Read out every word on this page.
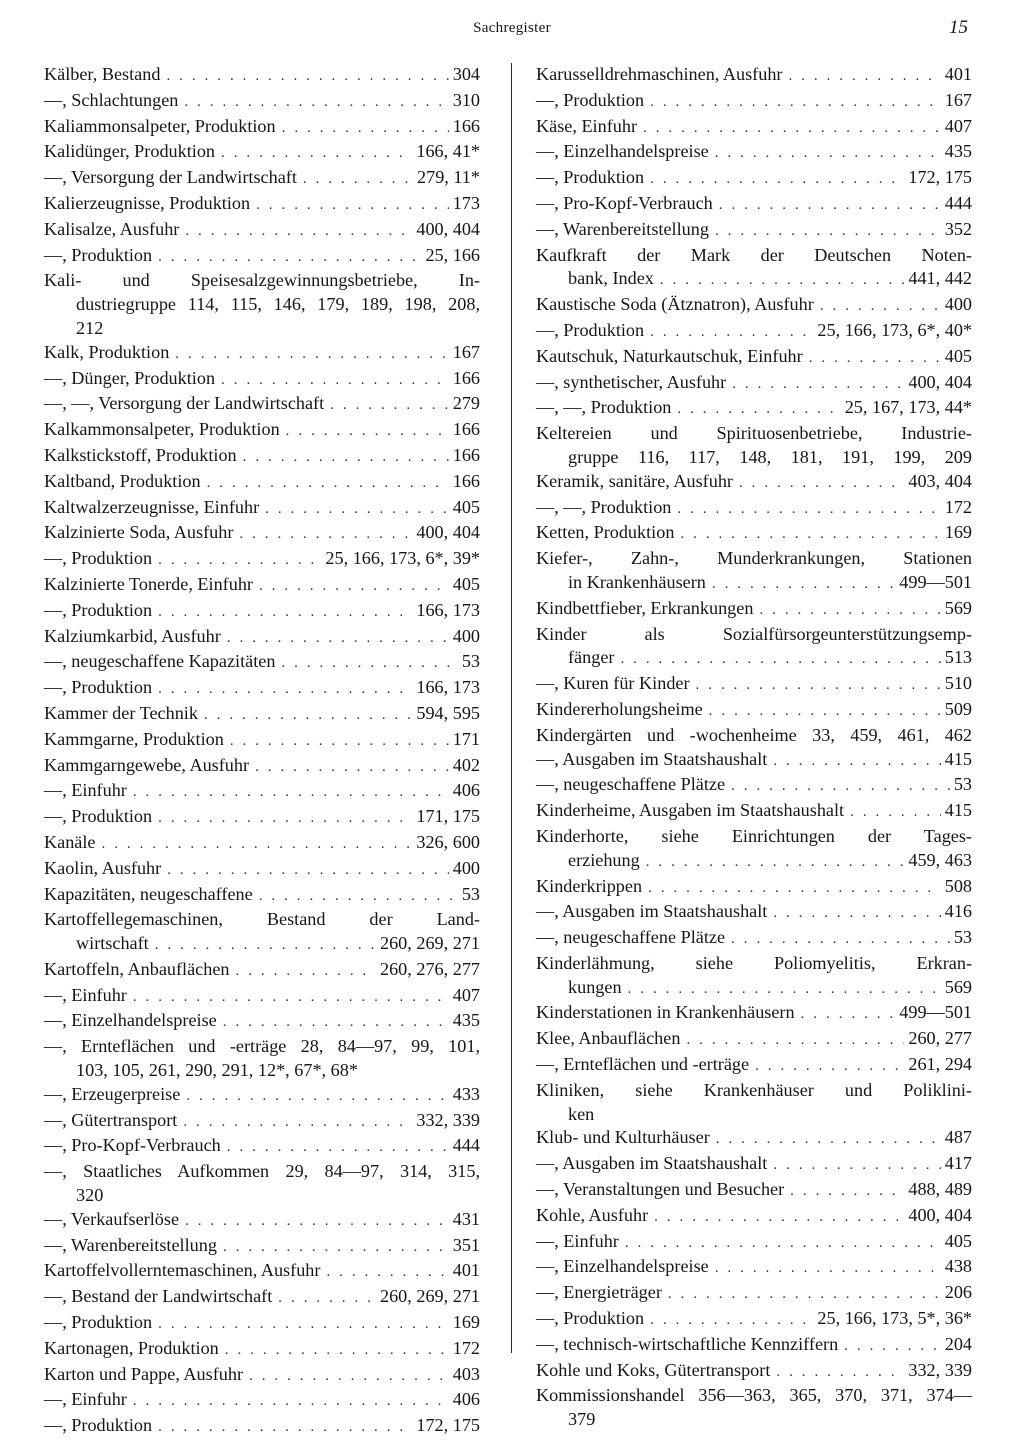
Sachregister	15
Kälber, Bestand . . .	304
—, Schlachtungen . . .	310
Kaliammonsalpeter, Produktion . . .	166
Kalidünger, Produktion . . .	166, 41*
—, Versorgung der Landwirtschaft . . .	279, 11*
Kalierzeugnisse, Produktion . . .	173
Kalisalze, Ausfuhr . . .	400, 404
—, Produktion . . .	25, 166
Kali- und Speisesalzgewinnungsbetriebe, In-
dustriegruppe 114, 115, 146, 179, 189, 198, 208,
212
Kalk, Produktion . . .	167
—, Dünger, Produktion . . .	166
—, —, Versorgung der Landwirtschaft . . .	279
Kalkammonsalpeter, Produktion . . .	166
Kalkstickstoff, Produktion . . .	166
Kaltband, Produktion . . .	166
Kaltwalzerzeugnisse, Einfuhr . . .	405
Kalzinierte Soda, Ausfuhr . . .	400, 404
—, Produktion . . .	25, 166, 173, 6*, 39*
Kalzinierte Tonerde, Einfuhr . . .	405
—, Produktion . . .	166, 173
Kalziumkarbid, Ausfuhr . . .	400
—, neugeschaffene Kapazitäten . . .	53
—, Produktion . . .	166, 173
Kammer der Technik . . .	594, 595
Kammgarne, Produktion . . .	171
Kammgarngewebe, Ausfuhr . . .	402
—, Einfuhr . . .	406
—, Produktion . . .	171, 175
Kanäle . . .	326, 600
Kaolin, Ausfuhr . . .	400
Kapazitäten, neugeschaffene . . .	53
Kartoffellegemaschinen, Bestand der Land-
wirtschaft . . .	260, 269, 271
Kartoffeln, Anbauflächen . . .	260, 276, 277
—, Einfuhr . . .	407
—, Einzelhandelspreise . . .	435
—, Ernteflächen und -erträge 28, 84—97, 99, 101,
103, 105, 261, 290, 291, 12*, 67*, 68*
—, Erzeugerpreise . . .	433
—, Gütertransport . . .	332, 339
—, Pro-Kopf-Verbrauch . . .	444
—, Staatliches Aufkommen 29, 84—97, 314, 315,
320
—, Verkaufserlöse . . .	431
—, Warenbereitstellung . . .	351
Kartoffelvollerntemaschinen, Ausfuhr . . .	401
—, Bestand der Landwirtschaft . . .	260, 269, 271
—, Produktion . . .	169
Kartonagen, Produktion . . .	172
Karton und Pappe, Ausfuhr . . .	403
—, Einfuhr . . .	406
—, Produktion . . .	172, 175
Karusselldrehmaschinen, Ausfuhr . . .	401
—, Produktion . . .	167
Käse, Einfuhr . . .	407
—, Einzelhandelspreise . . .	435
—, Produktion . . .	172, 175
—, Pro-Kopf-Verbrauch . . .	444
—, Warenbereitstellung . . .	352
Kaufkraft der Mark der Deutschen Noten-
bank, Index . . .	441, 442
Kaustische Soda (Ätznatron), Ausfuhr . . .	400
—, Produktion . . .	25, 166, 173, 6*, 40*
Kautschuk, Naturkautschuk, Einfuhr . . .	405
—, synthetischer, Ausfuhr . . .	400, 404
—, —, Produktion . . .	25, 167, 173, 44*
Keltereien und Spirituosenbetriebe, Industrie-
gruppe 116, 117, 148, 181, 191, 199, 209
Keramik, sanitäre, Ausfuhr . . .	403, 404
—, —, Produktion . . .	172
Ketten, Produktion . . .	169
Kiefer-, Zahn-, Munderkrankungen, Stationen
in Krankenhäusern . . .	499—501
Kindbettfieber, Erkrankungen . . .	569
Kinder als Sozialfürsorgeunterstützungsemp-
fänger . . .	513
—, Kuren für Kinder . . .	510
Kindererholungsheime . . .	509
Kindergärten und -wochenheime 33, 459, 461, 462
—, Ausgaben im Staatshaushalt . . .	415
—, neugeschaffene Plätze . . .	53
Kinderheime, Ausgaben im Staatshaushalt . . .	415
Kinderhorte, siehe Einrichtungen der Tages-
erziehung . . .	459, 463
Kinderkrippen . . .	508
—, Ausgaben im Staatshaushalt . . .	416
—, neugeschaffene Plätze . . .	53
Kinderlähmung, siehe Poliomyelitis, Erkran-
kungen . . .	569
Kinderstationen in Krankenhäusern . . .	499—501
Klee, Anbauflächen . . .	260, 277
—, Ernteflächen und -erträge . . .	261, 294
Kliniken, siehe Krankenhäuser und Poliklini-
ken
Klub- und Kulturhäuser . . .	487
—, Ausgaben im Staatshaushalt . . .	417
—, Veranstaltungen und Besucher . . .	488, 489
Kohle, Ausfuhr . . .	400, 404
—, Einfuhr . . .	405
—, Einzelhandelspreise . . .	438
—, Energieträger . . .	206
—, Produktion . . .	25, 166, 173, 5*, 36*
—, technisch-wirtschaftliche Kennziffern . . .	204
Kohle und Koks, Gütertransport . . .	332, 339
Kommissionshandel 356—363, 365, 370, 371, 374—
379
